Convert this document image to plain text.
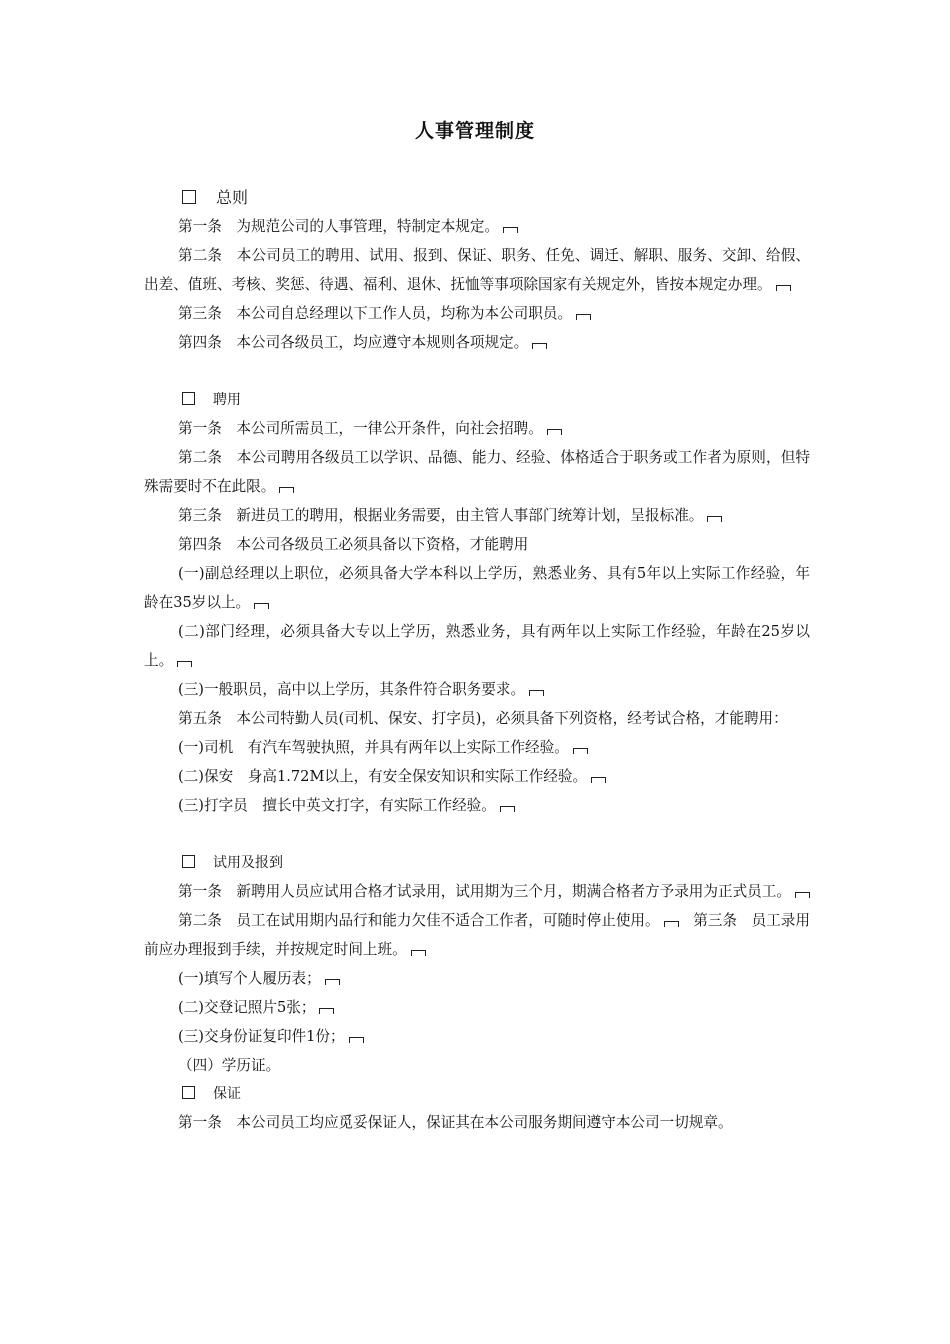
人事管理制度
总则

第一条　为规范公司的人事管理，特制定本规定。

第二条　本公司员工的聘用、试用、报到、保证、职务、任免、调迁、解职、服务、交卸、给假、出差、值班、考核、奖惩、待遇、福利、退休、抚恤等事项除国家有关规定外，皆按本规定办理。

第三条　本公司自总经理以下工作人员，均称为本公司职员。

第四条　本公司各级员工，均应遵守本规则各项规定。

聘用

第一条　本公司所需员工，一律公开条件，向社会招聘。

第二条　本公司聘用各级员工以学识、品德、能力、经验、体格适合于职务或工作者为原则，但特殊需要时不在此限。

第三条　新进员工的聘用，根据业务需要，由主管人事部门统筹计划，呈报标准。

第四条　本公司各级员工必须具备以下资格，才能聘用

(一)副总经理以上职位，必须具备大学本科以上学历，熟悉业务、具有5年以上实际工作经验，年龄在35岁以上。

(二)部门经理，必须具备大专以上学历，熟悉业务，具有两年以上实际工作经验，年龄在25岁以上。

(三)一般职员，高中以上学历，其条件符合职务要求。

第五条　本公司特勤人员(司机、保安、打字员)，必须具备下列资格，经考试合格，才能聘用：

(一)司机　有汽车驾驶执照，并具有两年以上实际工作经验。

(二)保安　身高1.72M以上，有安全保安知识和实际工作经验。

(三)打字员　擅长中英文打字，有实际工作经验。

试用及报到

第一条　新聘用人员应试用合格才试录用，试用期为三个月，期满合格者方予录用为正式员工。

第二条　员工在试用期内品行和能力欠佳不适合工作者，可随时停止使用。　 第三条　员工录用前应办理报到手续，并按规定时间上班。

(一)填写个人履历表；

(二)交登记照片5张；

(三)交身份证复印件1份；

（四）学历证。

保证

第一条　本公司员工均应觅妥保证人，保证其在本公司服务期间遵守本公司一切规章。
